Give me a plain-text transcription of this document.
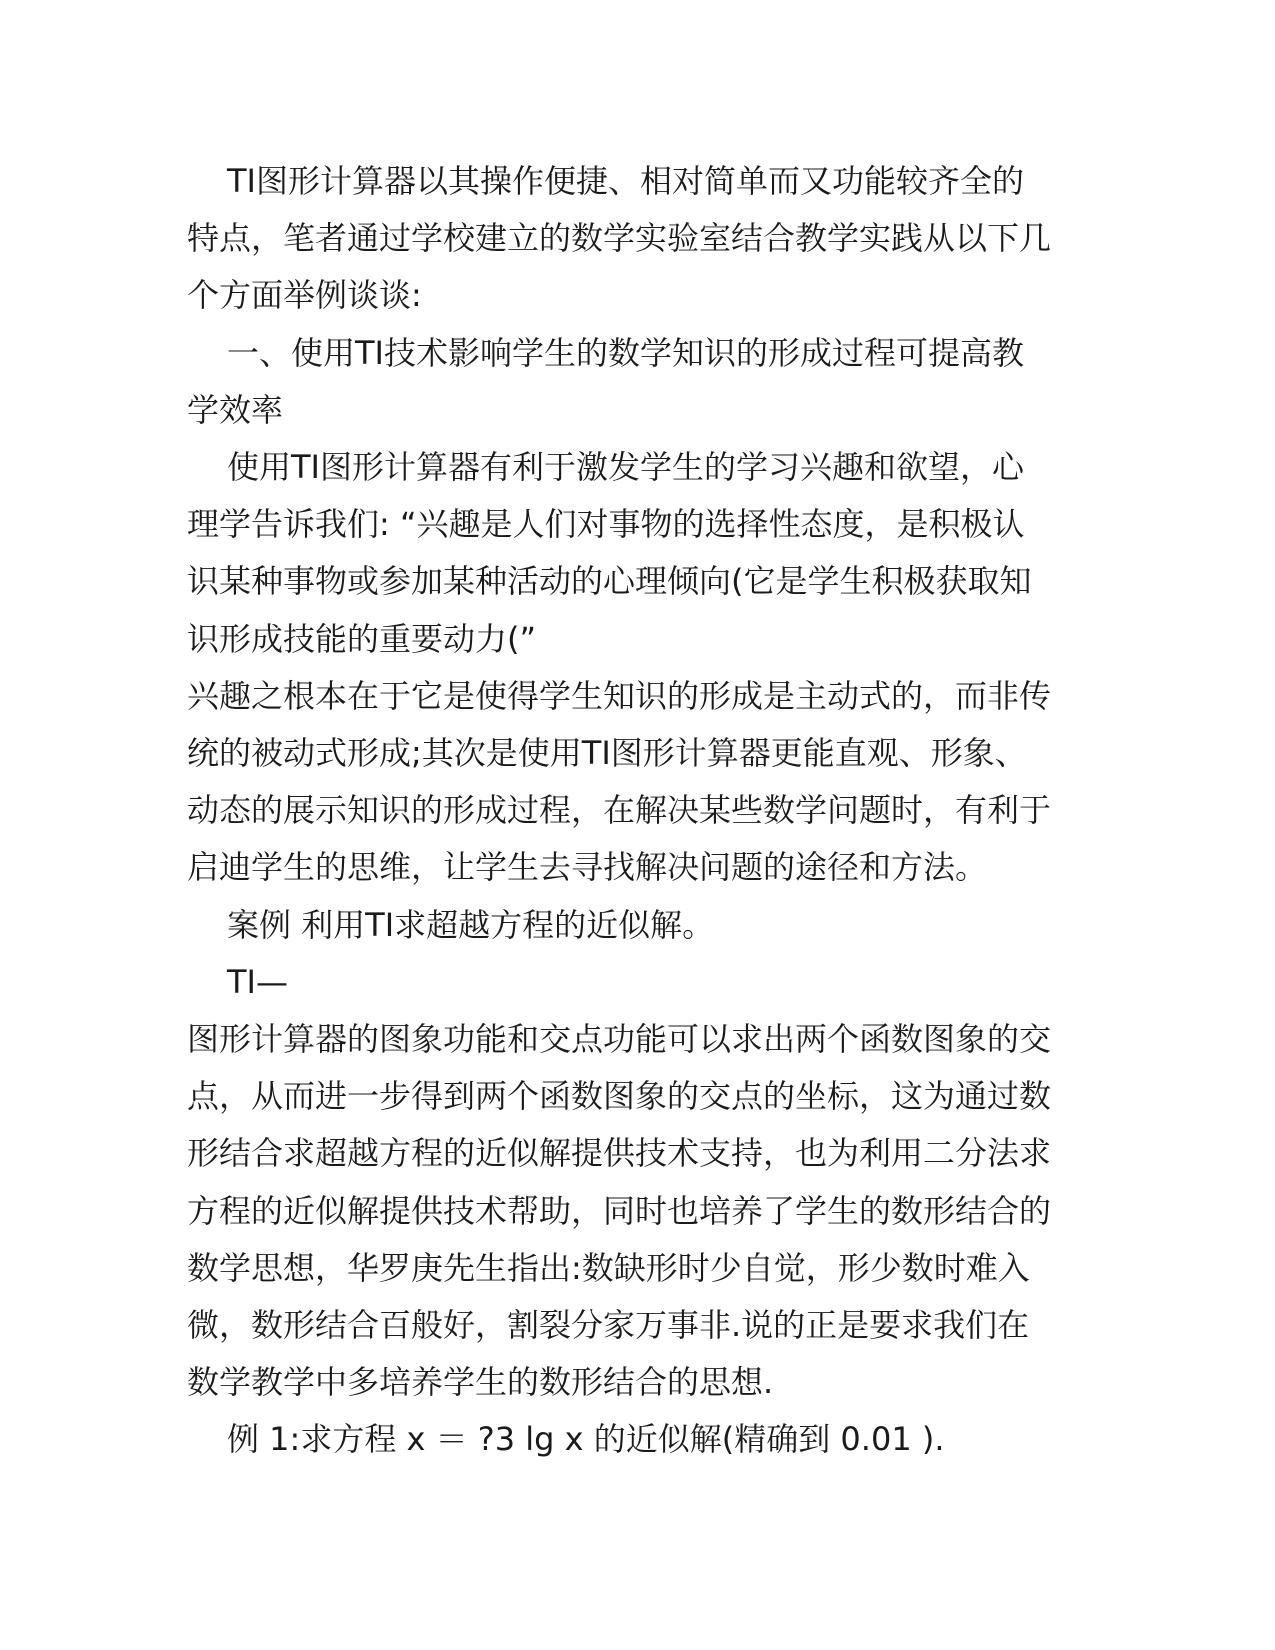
TI图形计算器以其操作便捷、相对简单而又功能较齐全的

特点，笔者通过学校建立的数学实验室结合教学实践从以下几

个方面举例谈谈:

一、使用TI技术影响学生的数学知识的形成过程可提高教

学效率

使用TI图形计算器有利于激发学生的学习兴趣和欲望，心

理学告诉我们: “兴趣是人们对事物的选择性态度，是积极认

识某种事物或参加某种活动的心理倾向(它是学生积极获取知

识形成技能的重要动力(”

兴趣之根本在于它是使得学生知识的形成是主动式的，而非传

统的被动式形成;其次是使用TI图形计算器更能直观、形象、

动态的展示知识的形成过程，在解决某些数学问题时，有利于

启迪学生的思维，让学生去寻找解决问题的途径和方法。

案例 利用TI求超越方程的近似解。

TI—

图形计算器的图象功能和交点功能可以求出两个函数图象的交

点，从而进一步得到两个函数图象的交点的坐标，这为通过数

形结合求超越方程的近似解提供技术支持，也为利用二分法求

方程的近似解提供技术帮助，同时也培养了学生的数形结合的

数学思想，华罗庚先生指出:数缺形时少自觉，形少数时难入

微，数形结合百般好，割裂分家万事非.说的正是要求我们在

数学教学中多培养学生的数形结合的思想.

例 1:求方程 x ＝ ?3 lg x 的近似解(精确到 0.01 ).
